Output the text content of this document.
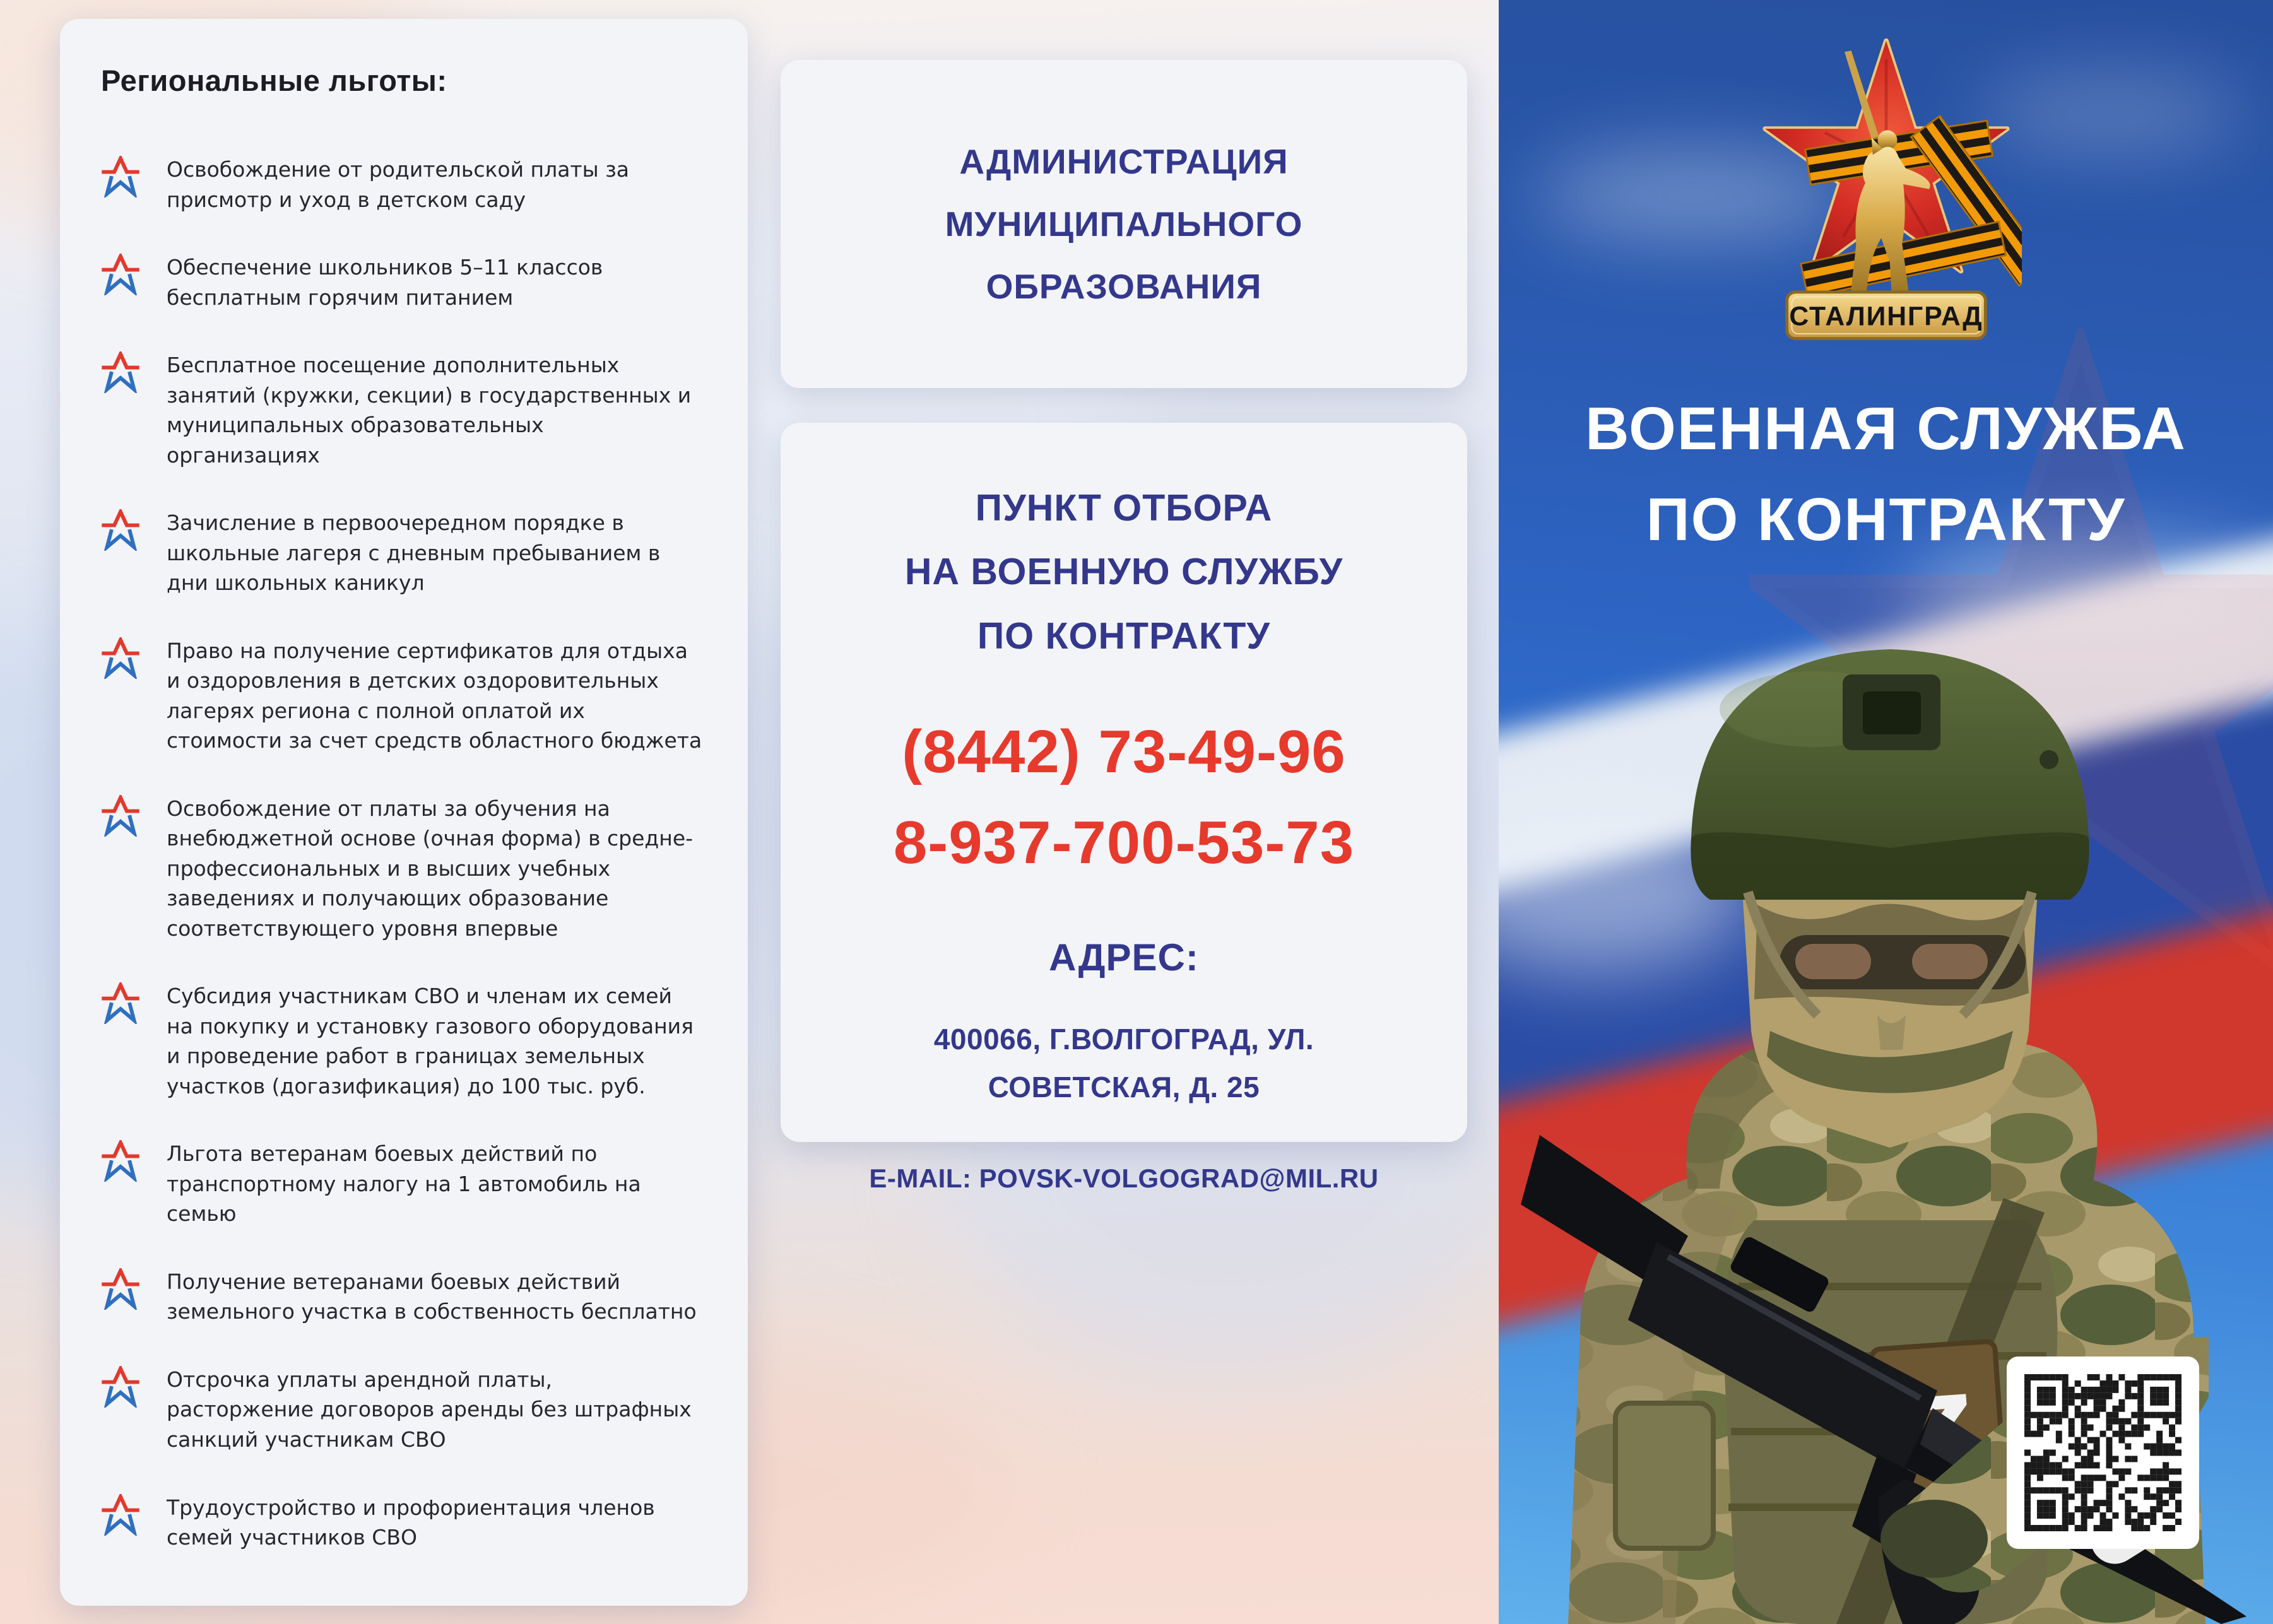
Региональные льготы:
Освобождение от родительской платы за присмотр и уход в детском саду
Обеспечение школьников 5–11 классов бесплатным горячим питанием
Бесплатное посещение дополнительных занятий (кружки, секции) в государственных и муниципальных образовательных организациях
Зачисление в первоочередном порядке в школьные лагеря с дневным пребыванием в дни школьных каникул
Право на получение сертификатов для отдыха и оздоровления в детских оздоровительных лагерях региона с полной оплатой их стоимости за счет средств областного бюджета
Освобождение от платы за обучения на внебюджетной основе (очная форма) в средне-профессиональных и в высших учебных заведениях и получающих образование соответствующего уровня впервые
Субсидия участникам СВО и членам их семей на покупку и установку газового оборудования и проведение работ в границах земельных участков (догазификация) до 100 тыс. руб.
Льгота ветеранам боевых действий по транспортному налогу на 1 автомобиль на семью
Получение ветеранами боевых действий земельного участка в собственность бесплатно
Отсрочка уплаты арендной платы, расторжение договоров аренды без штрафных санкций участникам СВО
Трудоустройство и профориентация членов семей участников СВО
АДМИНИСТРАЦИЯ
МУНИЦИПАЛЬНОГО
ОБРАЗОВАНИЯ
ПУНКТ ОТБОРА
НА ВОЕННУЮ СЛУЖБУ
ПО КОНТРАКТУ
(8442) 73-49-96
8-937-700-53-73
АДРЕС:
400066, Г.ВОЛГОГРАД, УЛ.
СОВЕТСКАЯ, Д. 25
E-MAIL: POVSK-VOLGOGRAD@MIL.RU
СТАЛИНГРАД
ВОЕННАЯ СЛУЖБА
ПО КОНТРАКТУ
